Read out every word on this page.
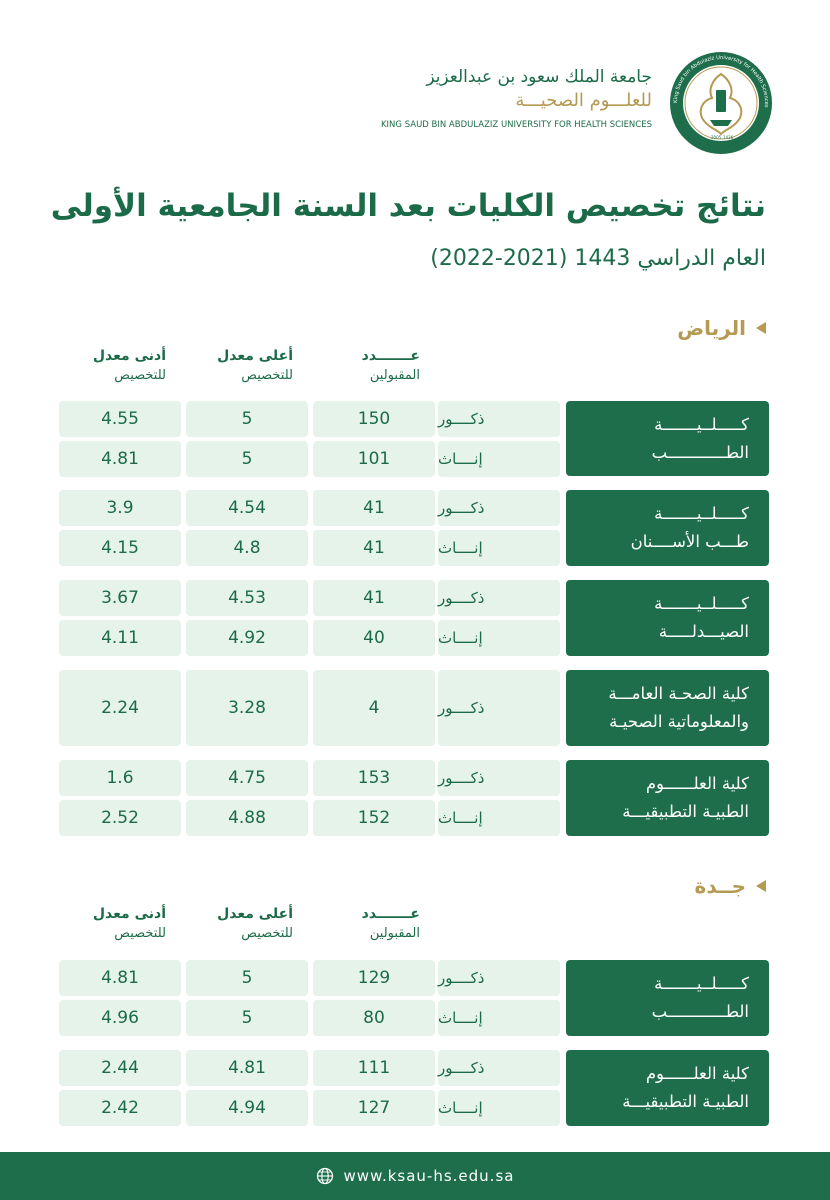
King Saud bin Abdulaziz University for Health Sciences
2005 1426
جامعة الملك سعود بن عبدالعزيز
للعلـــوم الصحيـــة
KING SAUD BIN ABDULAZIZ UNIVERSITY FOR HEALTH SCIENCES
نتائج تخصيص الكليات بعد السنة الجامعية الأولى
العام الدراسي 1443 (2021-2022)
الرياض
عـــــــدد
المقبولين
أعلى معدل
للتخصيص
أدنى معدل
للتخصيص
كـــــلــيـــــــة
الطــــــــــــب
ذكــــور
150
5
4.55
إنــــاث
101
5
4.81
كـــــلــيـــــــة
طـــب الأســــنان
ذكــــور
41
4.54
3.9
إنــــاث
41
4.8
4.15
كـــــلــيـــــــة
الصيـــدلـــــة
ذكــــور
41
4.53
3.67
إنــــاث
40
4.92
4.11
كلية الصحـة العامـــة
والمعلوماتية الصحيـة
ذكــــور
4
3.28
2.24
كلية العلــــــوم
الطبيـة التطبيقيـــة
ذكــــور
153
4.75
1.6
إنــــاث
152
4.88
2.52
جــدة
عـــــــدد
المقبولين
أعلى معدل
للتخصيص
أدنى معدل
للتخصيص
كـــــلــيـــــــة
الطــــــــــــب
ذكــــور
129
5
4.81
إنــــاث
80
5
4.96
كلية العلــــــوم
الطبيـة التطبيقيـــة
ذكــــور
111
4.81
2.44
إنــــاث
127
4.94
2.42
www.ksau-hs.edu.sa
